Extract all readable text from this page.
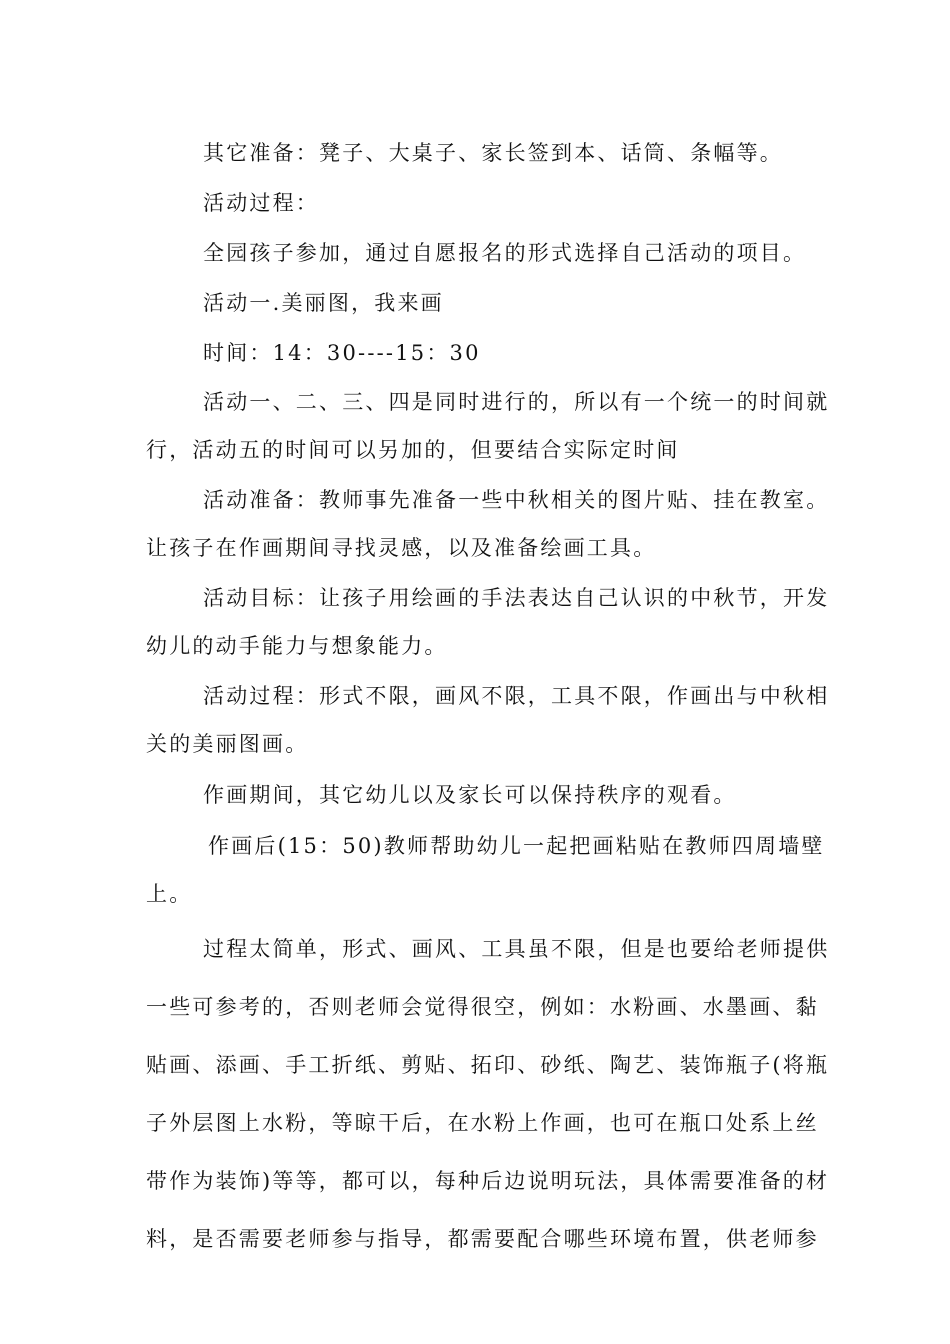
其它准备：凳子、大桌子、家长签到本、话筒、条幅等。

活动过程：

全园孩子参加，通过自愿报名的形式选择自己活动的项目。

活动一.美丽图，我来画

时间：14：30----15：30

活动一、二、三、四是同时进行的，所以有一个统一的时间就
行，活动五的时间可以另加的，但要结合实际定时间

活动准备：教师事先准备一些中秋相关的图片贴、挂在教室。
让孩子在作画期间寻找灵感，以及准备绘画工具。

活动目标：让孩子用绘画的手法表达自己认识的中秋节，开发
幼儿的动手能力与想象能力。

活动过程：形式不限，画风不限，工具不限，作画出与中秋相
关的美丽图画。

作画期间，其它幼儿以及家长可以保持秩序的观看。

作画后(15：50)教师帮助幼儿一起把画粘贴在教师四周墙壁
上。

过程太简单，形式、画风、工具虽不限，但是也要给老师提供
一些可参考的，否则老师会觉得很空，例如：水粉画、水墨画、黏
贴画、添画、手工折纸、剪贴、拓印、砂纸、陶艺、装饰瓶子(将瓶
子外层图上水粉，等晾干后，在水粉上作画，也可在瓶口处系上丝
带作为装饰)等等，都可以，每种后边说明玩法，具体需要准备的材
料，是否需要老师参与指导，都需要配合哪些环境布置，供老师参
